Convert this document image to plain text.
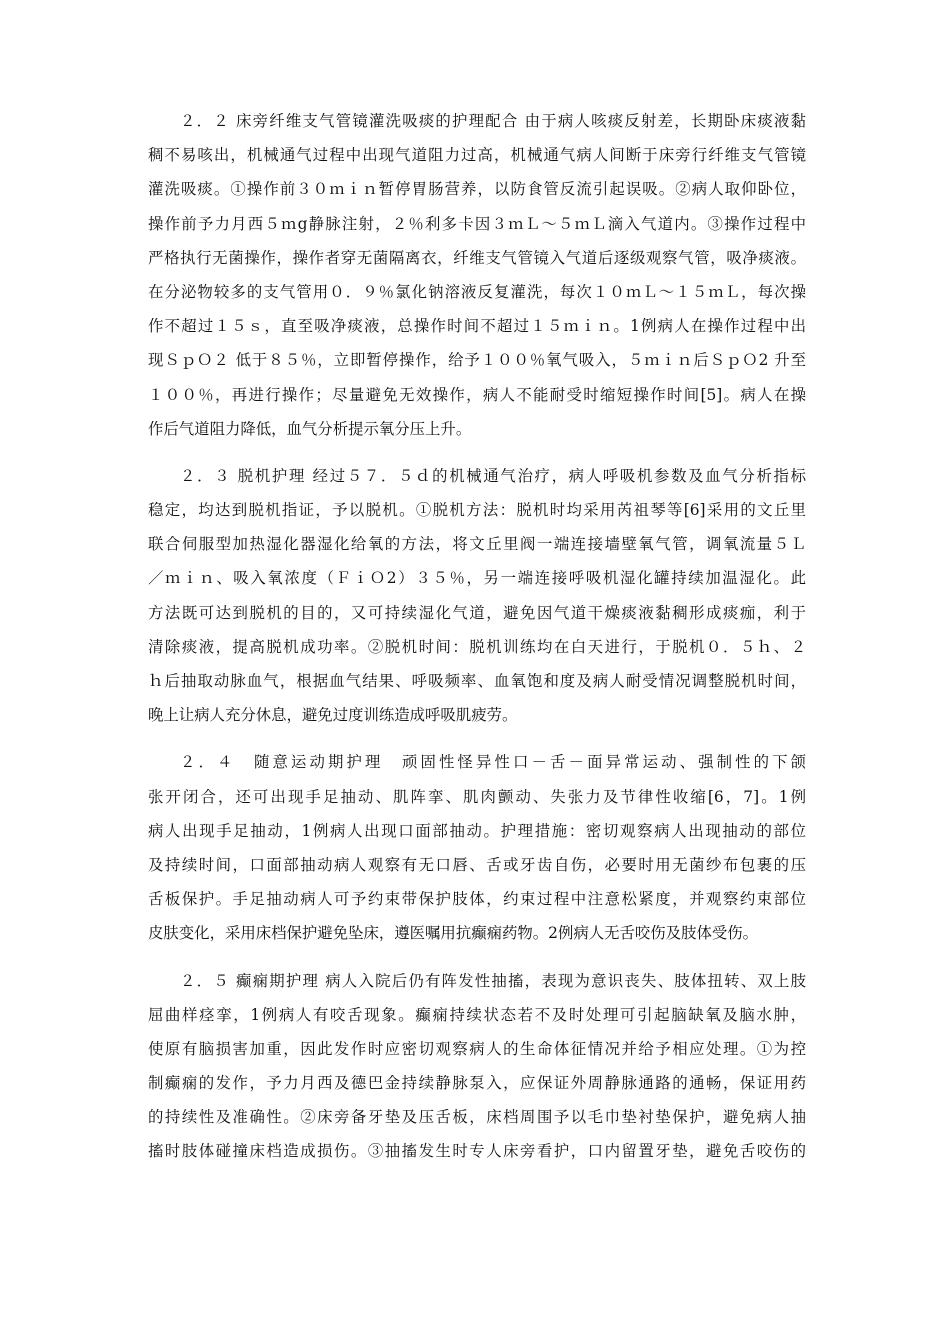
２．２ 床旁纤维支气管镜灌洗吸痰的护理配合 由于病人咳痰反射差，长期卧床痰液黏
稠不易咳出，机械通气过程中出现气道阻力过高，机械通气病人间断于床旁行纤维支气管镜
灌洗吸痰。①操作前３０ｍｉｎ暂停胃肠营养，以防食管反流引起误吸。②病人取仰卧位，
操作前予力月西５ｍg静脉注射，２％利多卡因３ｍＬ～５ｍＬ滴入气道内。③操作过程中
严格执行无菌操作，操作者穿无菌隔离衣，纤维支气管镜入气道后逐级观察气管，吸净痰液。
在分泌物较多的支气管用０．９％氯化钠溶液反复灌洗，每次１０ｍＬ～１５ｍＬ，每次操
作不超过１５ｓ，直至吸净痰液，总操作时间不超过１５ｍｉｎ。1例病人在操作过程中出
现ＳｐＯ２ 低于８５％，立即暂停操作，给予１００％氧气吸入，５ｍｉｎ后ＳｐＯ2 升至
１００％，再进行操作；尽量避免无效操作，病人不能耐受时缩短操作时间[5]。病人在操
作后气道阻力降低，血气分析提示氧分压上升。
２．３ 脱机护理 经过５７．５ｄ的机械通气治疗，病人呼吸机参数及血气分析指标
稳定，均达到脱机指证，予以脱机。①脱机方法：脱机时均采用芮祖琴等[6]采用的文丘里
联合伺服型加热湿化器湿化给氧的方法，将文丘里阀一端连接墙壁氧气管，调氧流量５Ｌ
／ｍｉｎ、吸入氧浓度（ＦｉＯ2）３５％，另一端连接呼吸机湿化罐持续加温湿化。此
方法既可达到脱机的目的，又可持续湿化气道，避免因气道干燥痰液黏稠形成痰痂，利于
清除痰液，提高脱机成功率。②脱机时间：脱机训练均在白天进行，于脱机０．５ｈ、２
ｈ后抽取动脉血气，根据血气结果、呼吸频率、血氧饱和度及病人耐受情况调整脱机时间，
晚上让病人充分休息，避免过度训练造成呼吸肌疲劳。
２．４　随意运动期护理　顽固性怪异性口－舌－面异常运动、强制性的下颌
张开闭合，还可出现手足抽动、肌阵挛、肌肉颤动、失张力及节律性收缩[6，7]。1例
病人出现手足抽动，1例病人出现口面部抽动。护理措施：密切观察病人出现抽动的部位
及持续时间，口面部抽动病人观察有无口唇、舌或牙齿自伤，必要时用无菌纱布包裹的压
舌板保护。手足抽动病人可予约束带保护肢体，约束过程中注意松紧度，并观察约束部位
皮肤变化，采用床档保护避免坠床，遵医嘱用抗癫痫药物。2例病人无舌咬伤及肢体受伤。
２．５ 癫痫期护理 病人入院后仍有阵发性抽搐，表现为意识丧失、肢体扭转、双上肢
屈曲样痉挛，1例病人有咬舌现象。癫痫持续状态若不及时处理可引起脑缺氧及脑水肿，
使原有脑损害加重，因此发作时应密切观察病人的生命体征情况并给予相应处理。①为控
制癫痫的发作，予力月西及德巴金持续静脉泵入，应保证外周静脉通路的通畅，保证用药
的持续性及准确性。②床旁备牙垫及压舌板，床档周围予以毛巾垫衬垫保护，避免病人抽
搐时肢体碰撞床档造成损伤。③抽搐发生时专人床旁看护，口内留置牙垫，避免舌咬伤的
